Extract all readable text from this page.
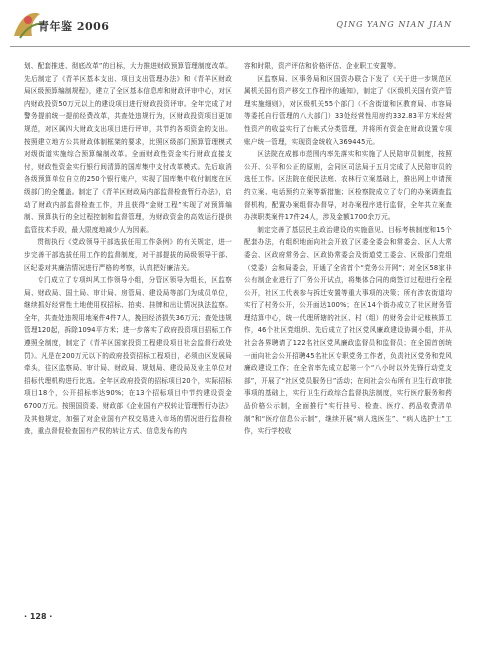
青年鉴 2006	QING YANG NIAN JIAN

划、配套推进、彻底改革”的目标，大力推进财政预算管理制度改革。先后制定了《青羊区基本支出、项目支出管理办法》和《青羊区财政局区级预算编制规程》，建立了全区基本信息库和财政评审中心，对区内财政投资50万元以上的建设项目进行财政投资评审。全年完成了对警务提前统一提前经费改革，共查处违规行为，区财政投资项目更加规范，对区属四大财政支出项目进行评审，共节约各项资金的支出。按照建立地方公共财政体制框架的要求，比照区级部门预算管理模式对级街道实施综合预算编制改革。全面财政性资金实行财政直接支付，财政性资金实行银行间清算的国库集中支付改革模式。先后取消各级预算单位自立的250个银行账户，实现了国库集中收付制度在区级部门的全覆盖。制定了《青羊区财政局内部监督检查暂行办法》，启动了财政内部监督检查工作，并且获得“金财工程”实现了对预算编制、预算执行的全过程控制和监督管理，为财政资金的高效运行提供监管技术手段，最大限度地减少人为因素。

贯彻执行《党政领导干部选拔任用工作条例》的有关规定，进一步完善干部选拔任用工作的监督制度，对干部提拔的局级领导干部、区纪委对其廉洁情况进行严格的考察，认真把好廉洁关。

专门成立了专项纠风工作领导小组，分管区领导为组长，区监察局、财政局、国土局、审计局、房管局、建设局等部门为成员单位，继续抓好经营性土地使用权招标、拍卖、挂牌和出让情况执法监察。全年，共查处违规用地案件4件7人，挽回经济损失36万元；查处违规管理120起，拆除1094平方米；进一步落实了政府投资项目招标工作遵照全制度，制定了《青羊区国家投资工程建设项目社会监督行政处罚》。凡是在200万元以下的政府投资招标工程项目，必须由区发展局牵头，往区监察局、审计局、财政局、规划局、建设局及业主单位对招标代理机构进行比选。全年区政府投资的招标项目20个，实际招标项目18个，公开招标率达90%；在13个招标项目中节约建设资金6700万元。按照国资委、财政部《企业国有产权转让管理暂行办法》及其他规定，加强了对企业国有产权交易进入市场的情况进行监督检查，重点督促检查国有产权的转让方式、信息发布的内

容和时限，资产评估和价格评估、企业职工安置等。

区监察局、区事务局和区国资办联合下发了《关于进一步规范区属机关国有资产移交工作程序的通知》，制定了《区级机关国有资产管理实施细则》，对区级机关55个部门（不含街道和区教育局、市容局等委托自行管理的八大部门）33处经营性用房约332.83平方米经营性资产的收益实行了台帐式分类管理，并将所有资金在财政设置专项账户统一管理，实现资金统收入369445元。

区法院在成都市范围内率先落实和实施了人民陪审员制度，按照公开、公平和公正的原则，会同区司法局于五月完成了人民陪审员的选任工作。区法院在便民法庭、农林行立案基础上，推出网上申请预约立案、电话预约立案等新措施；区检察院成立了专门的办案调查监督机构，配置办案组督办督导，对办案程序进行监督，全年共立案查办渎职类案件17件24人，涉及金额1700余万元。

制定完善了基层民主政治建设的实施意见、目标考核制度和15个配套办法，有组织地面向社会开放了区委全委会和常委会、区人大常委会、区政府常务会、区政协常委会及街道党工委会、区级部门党组（党委）会和局委会，开通了全省首个“党务公开网”；对全区58家非公有制企业进行了厂务公开试点，将集体合同的商签订过程进行全程公开，社区工代表参与拆迁安置等重大事项的决策；所有涉农街道均实行了村务公开，公开面达100%；在区14个街办成立了社区财务管理结算中心，统一代理所辖的社区、村（组）的财务会计记账核算工作，46个社区党组织、先后成立了社区党风廉政建设协调小组，并从社会各界聘请了122名社区党风廉政监督员和监督员；在全国首创统一面向社会公开招聘45名社区专职党务工作者，负责社区党务和党风廉政建设工作；在全省率先成立起第一个“八小时以外先锋行动党支部”，开展了“社区党员服务日”活动；在间社会公布所有卫生行政审批事项的基础上，实行卫生行政综合监督执法制度，实行医疗服务和药品价格公示制，全面推行“实行挂号、检查、医疗、药品收费清单制”和“医疗信息公示制”，继续开展“病人选医生”、“病人选护士”工作，实行学校收

· 128 ·
